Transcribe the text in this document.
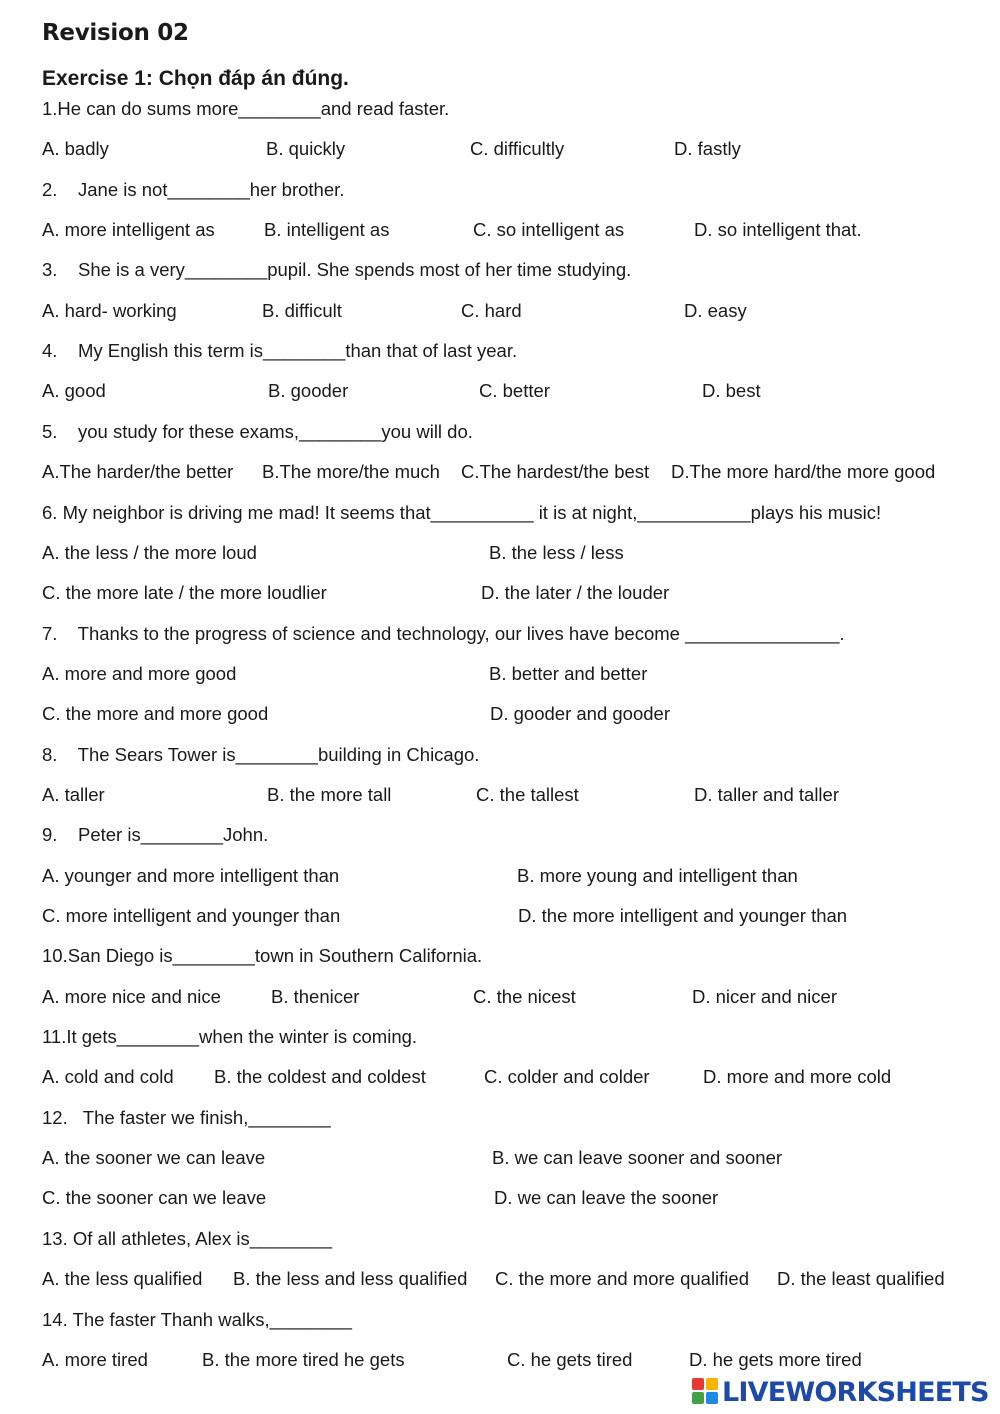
Revision 02
Exercise 1: Chọn đáp án đúng.
1.He can do sums more________and read faster.
A. badly	B. quickly	C. difficultly	D. fastly
2.    Jane is not________her brother.
A. more intelligent as	B. intelligent as	C. so intelligent as	D. so intelligent that.
3.    She is a very________pupil. She spends most of her time studying.
A. hard- working	B. difficult	C. hard	D. easy
4.    My English this term is________than that of last year.
A. good	B. gooder	C. better	D. best
5.    you study for these exams,________you will do.
A.The harder/the better B.The more/the much C.The hardest/the best D.The more hard/the more good
6. My neighbor is driving me mad! It seems that__________ it is at night,___________plays his music!
A. the less / the more loud	B. the less / less
C. the more late / the more loudlier	D. the later / the louder
7.    Thanks to the progress of science and technology, our lives have become _______________.
A. more and more good	B. better and better
C. the more and more good	D. gooder and gooder
8.    The Sears Tower is________building in Chicago.
A. taller	B. the more tall	C. the tallest	D. taller and taller
9.    Peter is________John.
A. younger and more intelligent than	B. more young and intelligent than
C. more intelligent and younger than	D. the more intelligent and younger than
10.San Diego is________town in Southern California.
A. more nice and nice	B. thenicer	C. the nicest	D. nicer and nicer
11.It gets________when the winter is coming.
A. cold and cold B. the coldest and coldest	C. colder and colder	D. more and more cold
12.   The faster we finish,________
A. the sooner we can leave	B. we can leave sooner and sooner
C. the sooner can we leave	D. we can leave the sooner
13. Of all athletes, Alex is________
A. the less qualified B. the less and less qualified C. the more and more qualified D. the least qualified
14. The faster Thanh walks,________
A. more tired	B. the more tired he gets	C. he gets tired	D. he gets more tired
LIVEWORKSHEETS
